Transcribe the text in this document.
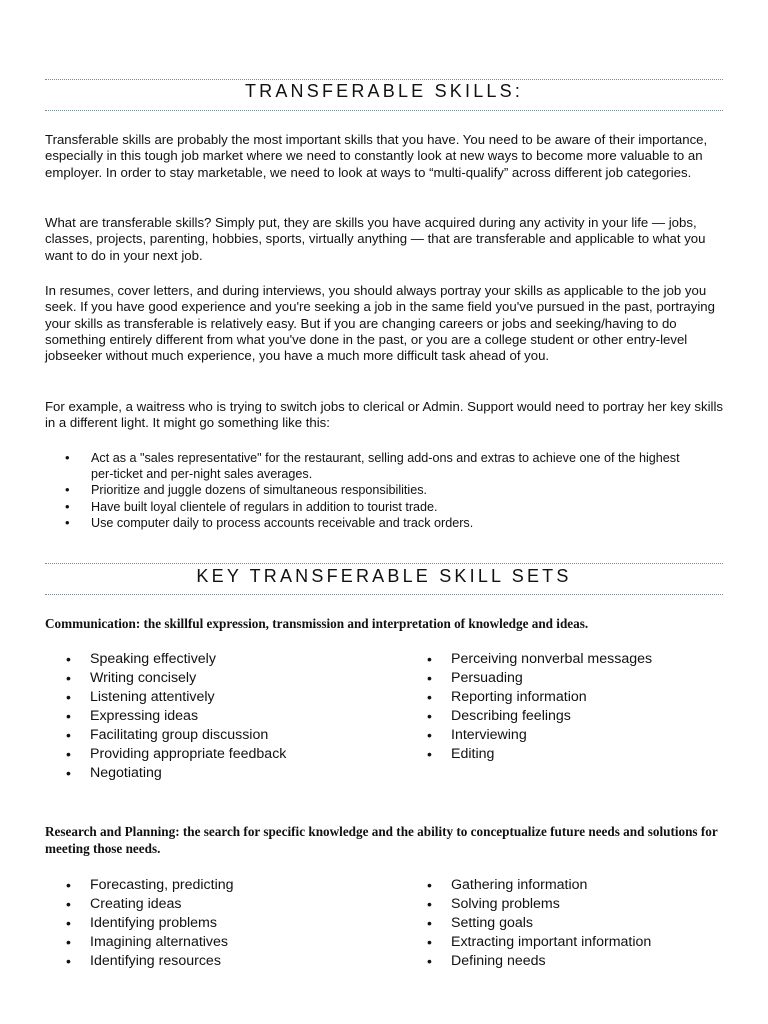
TRANSFERABLE SKILLS:

Transferable skills are probably the most important skills that you have. You need to be aware of their importance, especially in this tough job market where we need to constantly look at new ways to become more valuable to an employer. In order to stay marketable, we need to look at ways to “multi-qualify” across different job categories.

What are transferable skills? Simply put, they are skills you have acquired during any activity in your life — jobs, classes, projects, parenting, hobbies, sports, virtually anything — that are transferable and applicable to what you want to do in your next job.

In resumes, cover letters, and during interviews, you should always portray your skills as applicable to the job you seek. If you have good experience and you're seeking a job in the same field you've pursued in the past, portraying your skills as transferable is relatively easy. But if you are changing careers or jobs and seeking/having to do something entirely different from what you've done in the past, or you are a college student or other entry-level jobseeker without much experience, you have a much more difficult task ahead of you.

For example, a waitress who is trying to switch jobs to clerical or Admin. Support would need to portray her key skills in a different light. It might go something like this:

• Act as a "sales representative" for the restaurant, selling add-ons and extras to achieve one of the highest per-ticket and per-night sales averages.
• Prioritize and juggle dozens of simultaneous responsibilities.
• Have built loyal clientele of regulars in addition to tourist trade.
• Use computer daily to process accounts receivable and track orders.
KEY TRANSFERABLE SKILL SETS

Communication: the skillful expression, transmission and interpretation of knowledge and ideas.

• Speaking effectively
• Writing concisely
• Listening attentively
• Expressing ideas
• Facilitating group discussion
• Providing appropriate feedback
• Negotiating
• Perceiving nonverbal messages
• Persuading
• Reporting information
• Describing feelings
• Interviewing
• Editing

Research and Planning: the search for specific knowledge and the ability to conceptualize future needs and solutions for meeting those needs.

• Forecasting, predicting
• Creating ideas
• Identifying problems
• Imagining alternatives
• Identifying resources
• Gathering information
• Solving problems
• Setting goals
• Extracting important information
• Defining needs
